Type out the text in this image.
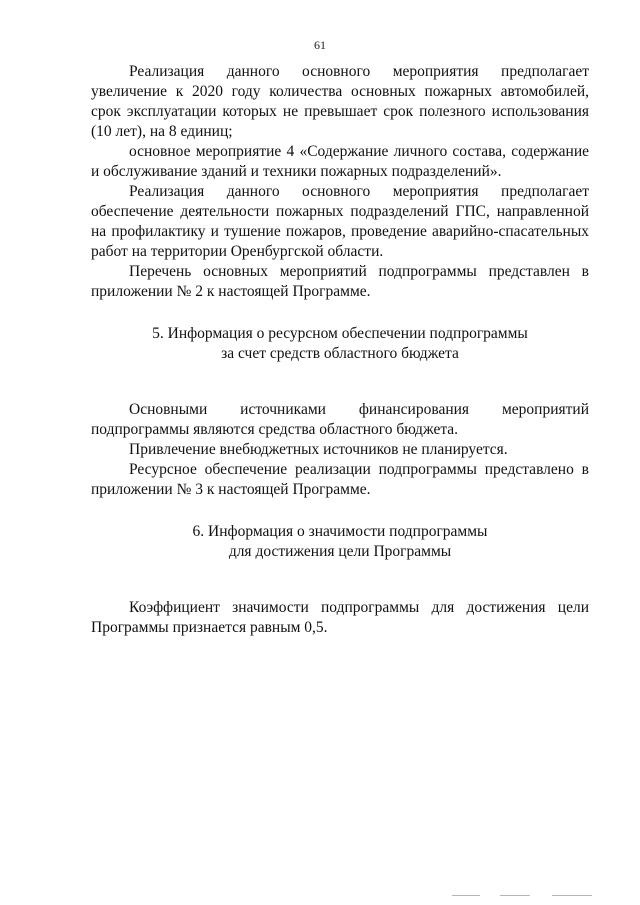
61

Реализация данного основного мероприятия предполагает увеличение к 2020 году количества основных пожарных автомобилей, срок эксплуатации которых не превышает срок полезного использования (10 лет), на 8 единиц;

основное мероприятие 4 «Содержание личного состава, содержание и обслуживание зданий и техники пожарных подразделений».

Реализация данного основного мероприятия предполагает обеспечение деятельности пожарных подразделений ГПС, направленной на профилактику и тушение пожаров, проведение аварийно-спасательных работ на территории Оренбургской области.

Перечень основных мероприятий подпрограммы представлен в приложении № 2 к настоящей Программе.

5. Информация о ресурсном обеспечении подпрограммы
за счет средств областного бюджета

Основными источниками финансирования мероприятий подпрограммы являются средства областного бюджета.

Привлечение внебюджетных источников не планируется.

Ресурсное обеспечение реализации подпрограммы представлено в приложении № 3 к настоящей Программе.

6. Информация о значимости подпрограммы
для достижения цели Программы

Коэффициент значимости подпрограммы для достижения цели Программы признается равным 0,5.
